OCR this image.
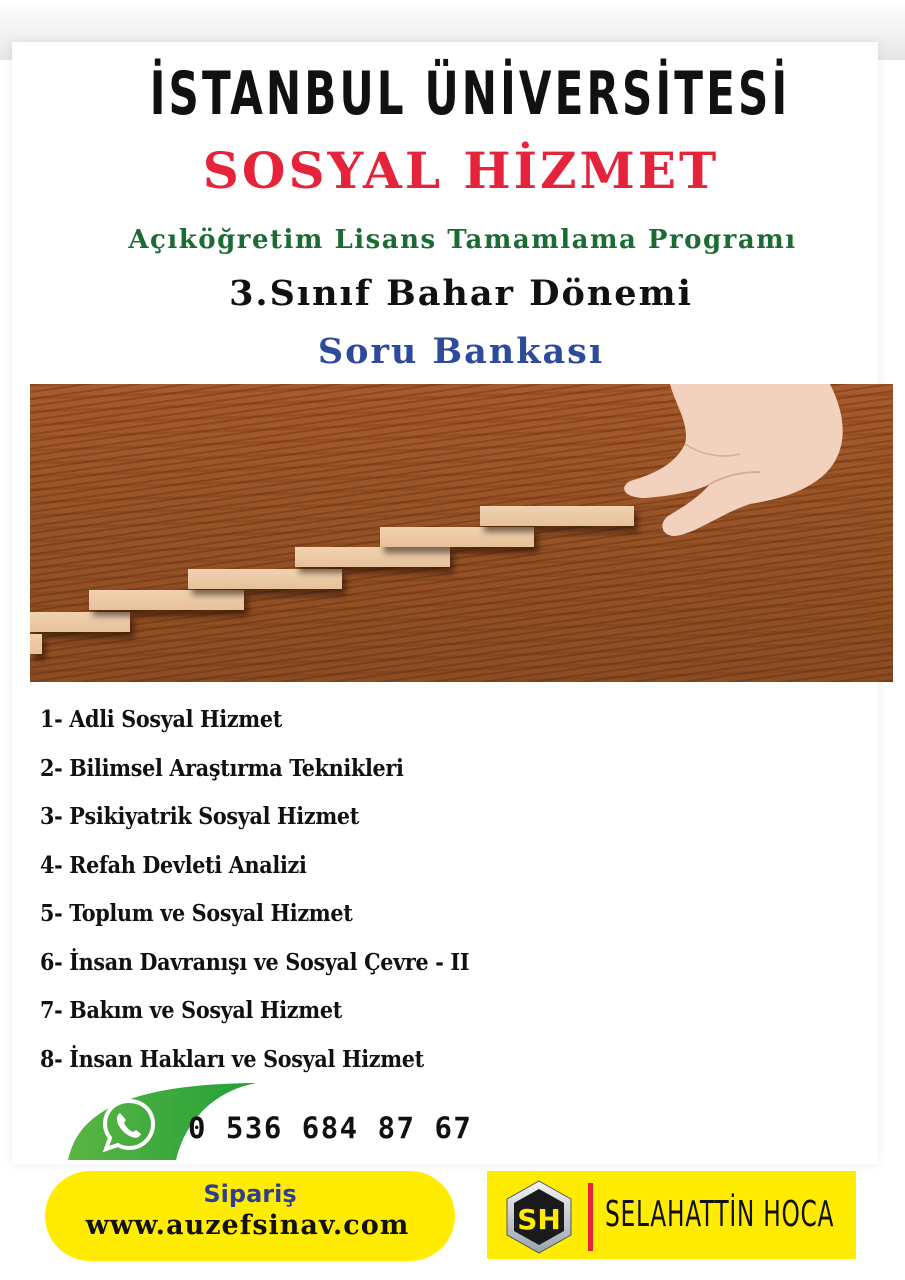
İSTANBUL ÜNİVERSİTESİ
SOSYAL HİZMET
Açıköğretim Lisans Tamamlama Programı
3.Sınıf Bahar Dönemi
Soru Bankası
1- Adli Sosyal Hizmet
2- Bilimsel Araştırma Teknikleri
3- Psikiyatrik Sosyal Hizmet
4- Refah Devleti Analizi
5- Toplum ve Sosyal Hizmet
6- İnsan Davranışı ve Sosyal Çevre - II
7- Bakım ve Sosyal Hizmet
8- İnsan Hakları ve Sosyal Hizmet
0 536 684 87 67
Sipariş
www.auzefsinav.com	SH SELAHATTİN HOCA
